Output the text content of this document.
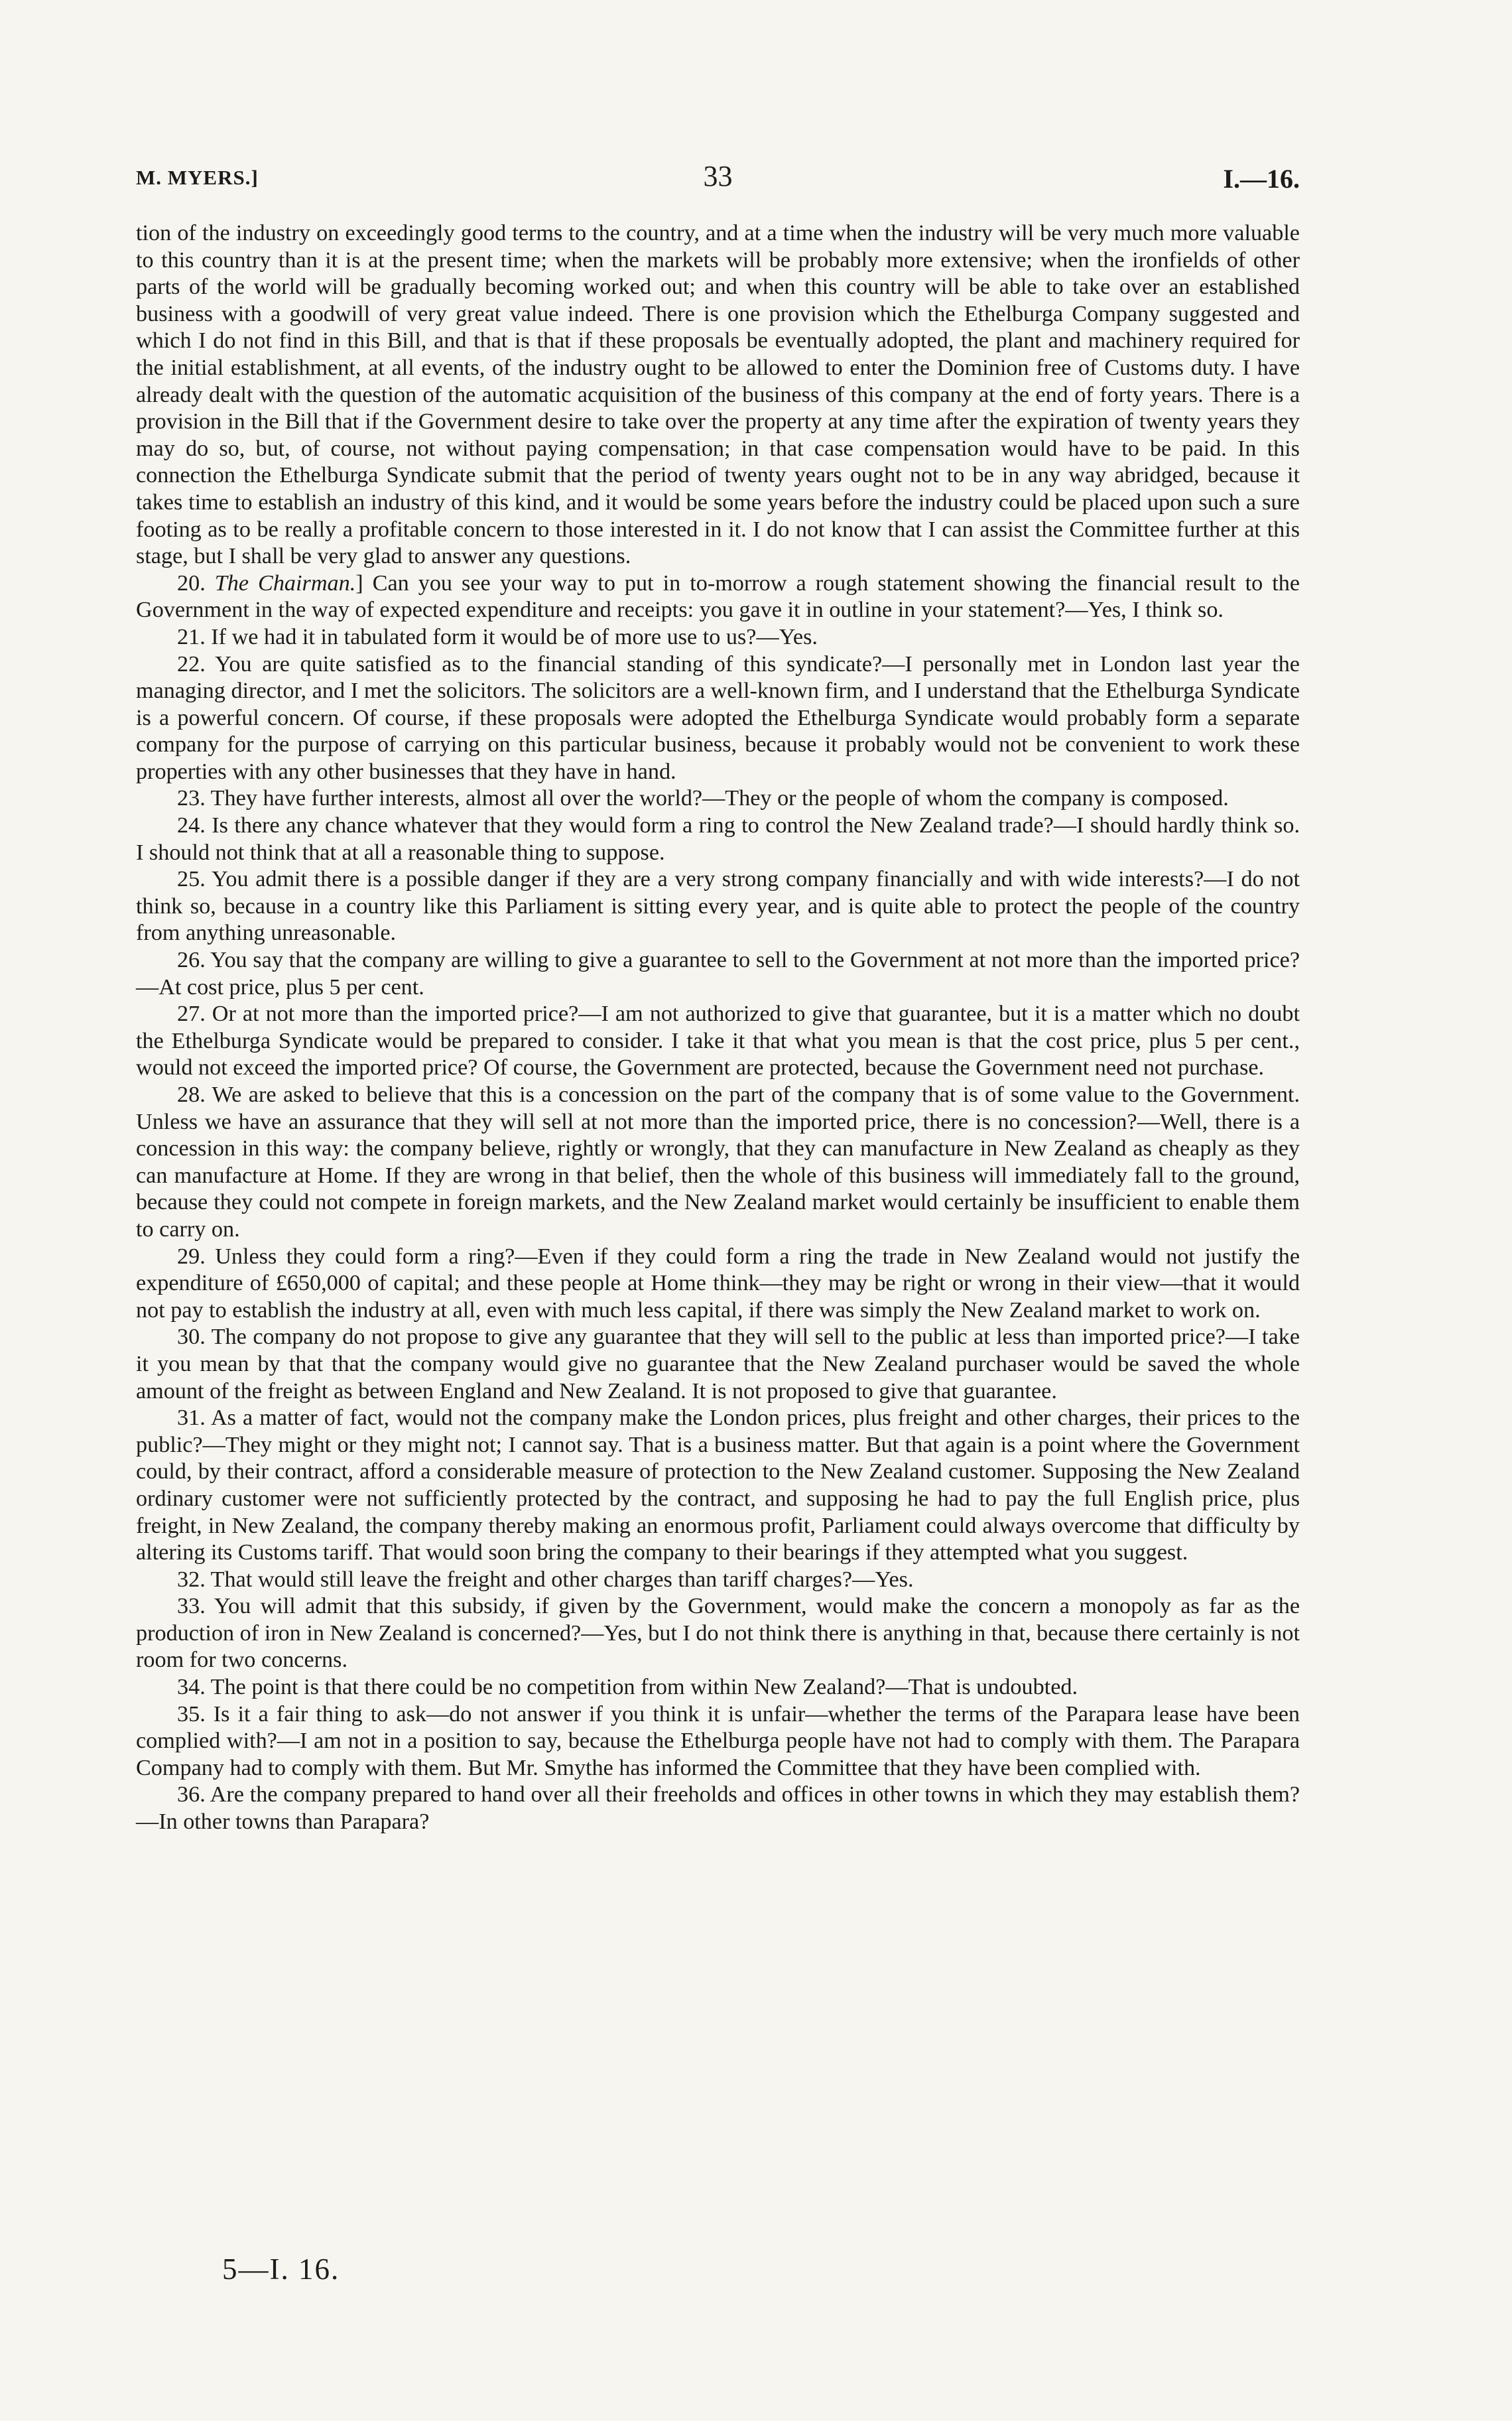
M. MYERS.]	33	I.—16.

tion of the industry on exceedingly good terms to the country, and at a time when the industry will be very much more valuable to this country than it is at the present time; when the markets will be probably more extensive; when the ironfields of other parts of the world will be gradually becoming worked out; and when this country will be able to take over an established business with a goodwill of very great value indeed. There is one provision which the Ethelburga Company suggested and which I do not find in this Bill, and that is that if these proposals be eventually adopted, the plant and machinery required for the initial establishment, at all events, of the industry ought to be allowed to enter the Dominion free of Customs duty. I have already dealt with the question of the automatic acquisition of the business of this company at the end of forty years. There is a provision in the Bill that if the Government desire to take over the property at any time after the expiration of twenty years they may do so, but, of course, not without paying compensation; in that case compensation would have to be paid. In this connection the Ethelburga Syndicate submit that the period of twenty years ought not to be in any way abridged, because it takes time to establish an industry of this kind, and it would be some years before the industry could be placed upon such a sure footing as to be really a profitable concern to those interested in it. I do not know that I can assist the Committee further at this stage, but I shall be very glad to answer any questions.

20. The Chairman.] Can you see your way to put in to-morrow a rough statement showing the financial result to the Government in the way of expected expenditure and receipts: you gave it in outline in your statement?—Yes, I think so.

21. If we had it in tabulated form it would be of more use to us?—Yes.

22. You are quite satisfied as to the financial standing of this syndicate?—I personally met in London last year the managing director, and I met the solicitors. The solicitors are a well-known firm, and I understand that the Ethelburga Syndicate is a powerful concern. Of course, if these proposals were adopted the Ethelburga Syndicate would probably form a separate company for the purpose of carrying on this particular business, because it probably would not be convenient to work these properties with any other businesses that they have in hand.

23. They have further interests, almost all over the world?—They or the people of whom the company is composed.

24. Is there any chance whatever that they would form a ring to control the New Zealand trade?—I should hardly think so. I should not think that at all a reasonable thing to suppose.

25. You admit there is a possible danger if they are a very strong company financially and with wide interests?—I do not think so, because in a country like this Parliament is sitting every year, and is quite able to protect the people of the country from anything unreasonable.

26. You say that the company are willing to give a guarantee to sell to the Government at not more than the imported price?—At cost price, plus 5 per cent.

27. Or at not more than the imported price?—I am not authorized to give that guarantee, but it is a matter which no doubt the Ethelburga Syndicate would be prepared to consider. I take it that what you mean is that the cost price, plus 5 per cent., would not exceed the imported price? Of course, the Government are protected, because the Government need not purchase.

28. We are asked to believe that this is a concession on the part of the company that is of some value to the Government. Unless we have an assurance that they will sell at not more than the imported price, there is no concession?—Well, there is a concession in this way: the company believe, rightly or wrongly, that they can manufacture in New Zealand as cheaply as they can manufacture at Home. If they are wrong in that belief, then the whole of this business will immediately fall to the ground, because they could not compete in foreign markets, and the New Zealand market would certainly be insufficient to enable them to carry on.

29. Unless they could form a ring?—Even if they could form a ring the trade in New Zealand would not justify the expenditure of £650,000 of capital; and these people at Home think—they may be right or wrong in their view—that it would not pay to establish the industry at all, even with much less capital, if there was simply the New Zealand market to work on.

30. The company do not propose to give any guarantee that they will sell to the public at less than imported price?—I take it you mean by that that the company would give no guarantee that the New Zealand purchaser would be saved the whole amount of the freight as between England and New Zealand. It is not proposed to give that guarantee.

31. As a matter of fact, would not the company make the London prices, plus freight and other charges, their prices to the public?—They might or they might not; I cannot say. That is a business matter. But that again is a point where the Government could, by their contract, afford a considerable measure of protection to the New Zealand customer. Supposing the New Zealand ordinary customer were not sufficiently protected by the contract, and supposing he had to pay the full English price, plus freight, in New Zealand, the company thereby making an enormous profit, Parliament could always overcome that difficulty by altering its Customs tariff. That would soon bring the company to their bearings if they attempted what you suggest.

32. That would still leave the freight and other charges than tariff charges?—Yes.

33. You will admit that this subsidy, if given by the Government, would make the concern a monopoly as far as the production of iron in New Zealand is concerned?—Yes, but I do not think there is anything in that, because there certainly is not room for two concerns.

34. The point is that there could be no competition from within New Zealand?—That is undoubted.

35. Is it a fair thing to ask—do not answer if you think it is unfair—whether the terms of the Parapara lease have been complied with?—I am not in a position to say, because the Ethelburga people have not had to comply with them. The Parapara Company had to comply with them. But Mr. Smythe has informed the Committee that they have been complied with.

36. Are the company prepared to hand over all their freeholds and offices in other towns in which they may establish them?—In other towns than Parapara?

5—I. 16.
